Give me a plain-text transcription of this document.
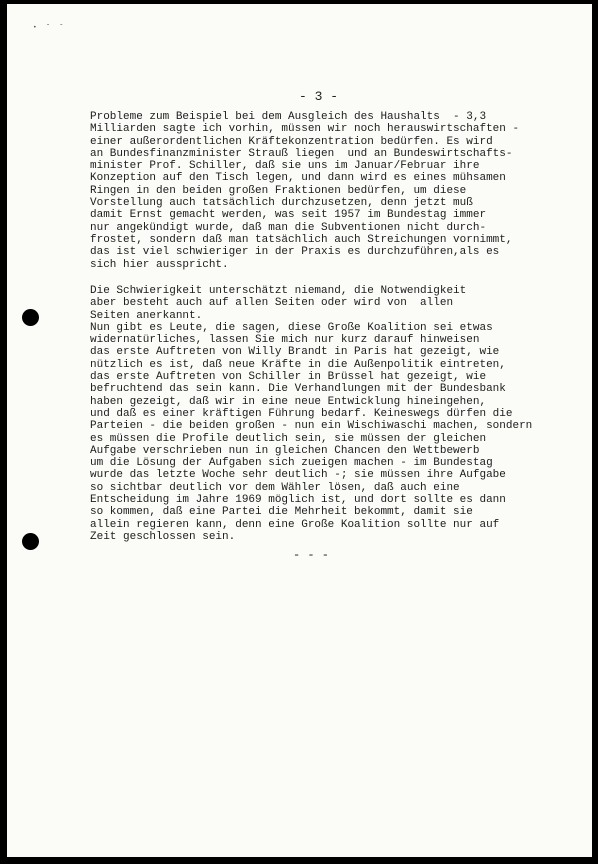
• ˜ ˜
- 3 -

Probleme zum Beispiel bei dem Ausgleich des Haushalts  - 3,3
Milliarden sagte ich vorhin, müssen wir noch herauswirtschaften -
einer außerordentlichen Kräftekonzentration bedürfen. Es wird
an Bundesfinanzminister Strauß liegen  und an Bundeswirtschafts-
minister Prof. Schiller, daß sie uns im Januar/Februar ihre
Konzeption auf den Tisch legen, und dann wird es eines mühsamen
Ringen in den beiden großen Fraktionen bedürfen, um diese
Vorstellung auch tatsächlich durchzusetzen, denn jetzt muß
damit Ernst gemacht werden, was seit 1957 im Bundestag immer
nur angekündigt wurde, daß man die Subventionen nicht durch-
frostet, sondern daß man tatsächlich auch Streichungen vornimmt,
das ist viel schwieriger in der Praxis es durchzuführen,als es
sich hier ausspricht.

Die Schwierigkeit unterschätzt niemand, die Notwendigkeit
aber besteht auch auf allen Seiten oder wird von  allen
Seiten anerkannt.
Nun gibt es Leute, die sagen, diese Große Koalition sei etwas
widernatürliches, lassen Sie mich nur kurz darauf hinweisen
das erste Auftreten von Willy Brandt in Paris hat gezeigt, wie
nützlich es ist, daß neue Kräfte in die Außenpolitik eintreten,
das erste Auftreten von Schiller in Brüssel hat gezeigt, wie
befruchtend das sein kann. Die Verhandlungen mit der Bundesbank
haben gezeigt, daß wir in eine neue Entwicklung hineingehen,
und daß es einer kräftigen Führung bedarf. Keineswegs dürfen die
Parteien - die beiden großen - nun ein Wischiwaschi machen, sondern
es müssen die Profile deutlich sein, sie müssen der gleichen
Aufgabe verschrieben nun in gleichen Chancen den Wettbewerb
um die Lösung der Aufgaben sich zueigen machen - im Bundestag
wurde das letzte Woche sehr deutlich -; sie müssen ihre Aufgabe
so sichtbar deutlich vor dem Wähler lösen, daß auch eine
Entscheidung im Jahre 1969 möglich ist, und dort sollte es dann
so kommen, daß eine Partei die Mehrheit bekommt, damit sie
allein regieren kann, denn eine Große Koalition sollte nur auf
Zeit geschlossen sein.

- - -
